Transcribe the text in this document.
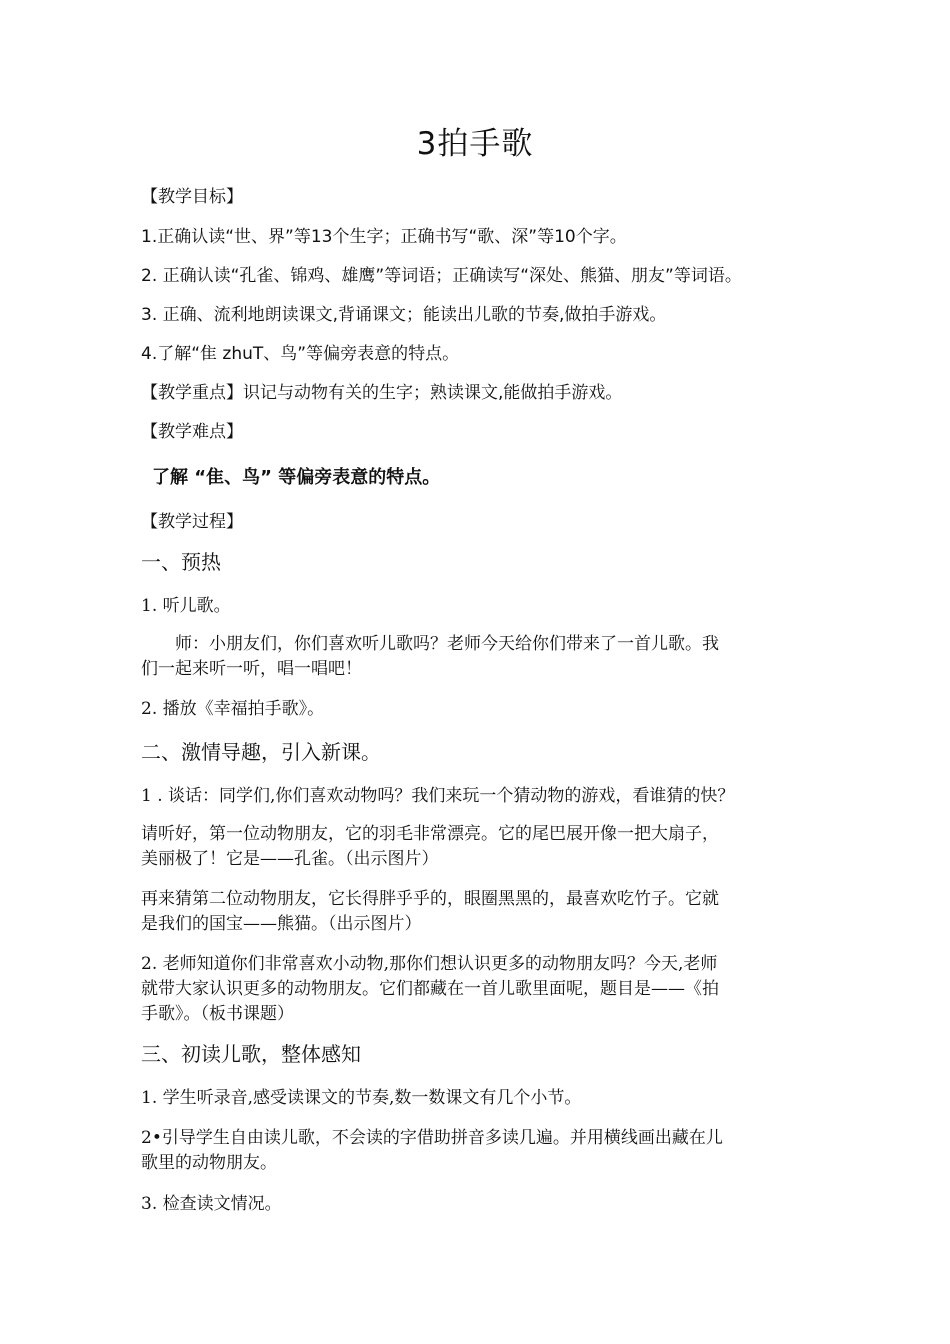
3拍手歌
【教学目标】
1.正确认读“世、界”等13个生字；正确书写“歌、深”等10个字。
2. 正确认读“孔雀、锦鸡、雄鹰”等词语；正确读写“深处、熊猫、朋友”等词语。
3. 正确、流利地朗读课文,背诵课文；能读出儿歌的节奏,做拍手游戏。
4.了解“隹 zhuT、鸟”等偏旁表意的特点。
【教学重点】识记与动物有关的生字；熟读课文,能做拍手游戏。
【教学难点】
了解 “隹、鸟” 等偏旁表意的特点。
【教学过程】
一、预热
1. 听儿歌。
师：小朋友们，你们喜欢听儿歌吗？老师今天给你们带来了一首儿歌。我
们一起来听一听，唱一唱吧！
2. 播放《幸福拍手歌》。
二、激情导趣，引入新课。
1 . 谈话：同学们,你们喜欢动物吗？我们来玩一个猜动物的游戏，看谁猜的快？
请听好，第一位动物朋友，它的羽毛非常漂亮。它的尾巴展开像一把大扇子，
美丽极了！它是——孔雀。（出示图片）
再来猜第二位动物朋友，它长得胖乎乎的，眼圈黑黑的，最喜欢吃竹子。它就
是我们的国宝——熊猫。（出示图片）
2. 老师知道你们非常喜欢小动物,那你们想认识更多的动物朋友吗？今天,老师
就带大家认识更多的动物朋友。它们都藏在一首儿歌里面呢，题目是——《拍
手歌》。（板书课题）
三、初读儿歌，整体感知
1. 学生听录音,感受读课文的节奏,数一数课文有几个小节。
2•引导学生自由读儿歌，不会读的字借助拼音多读几遍。并用横线画出藏在儿
歌里的动物朋友。
3. 检查读文情况。
